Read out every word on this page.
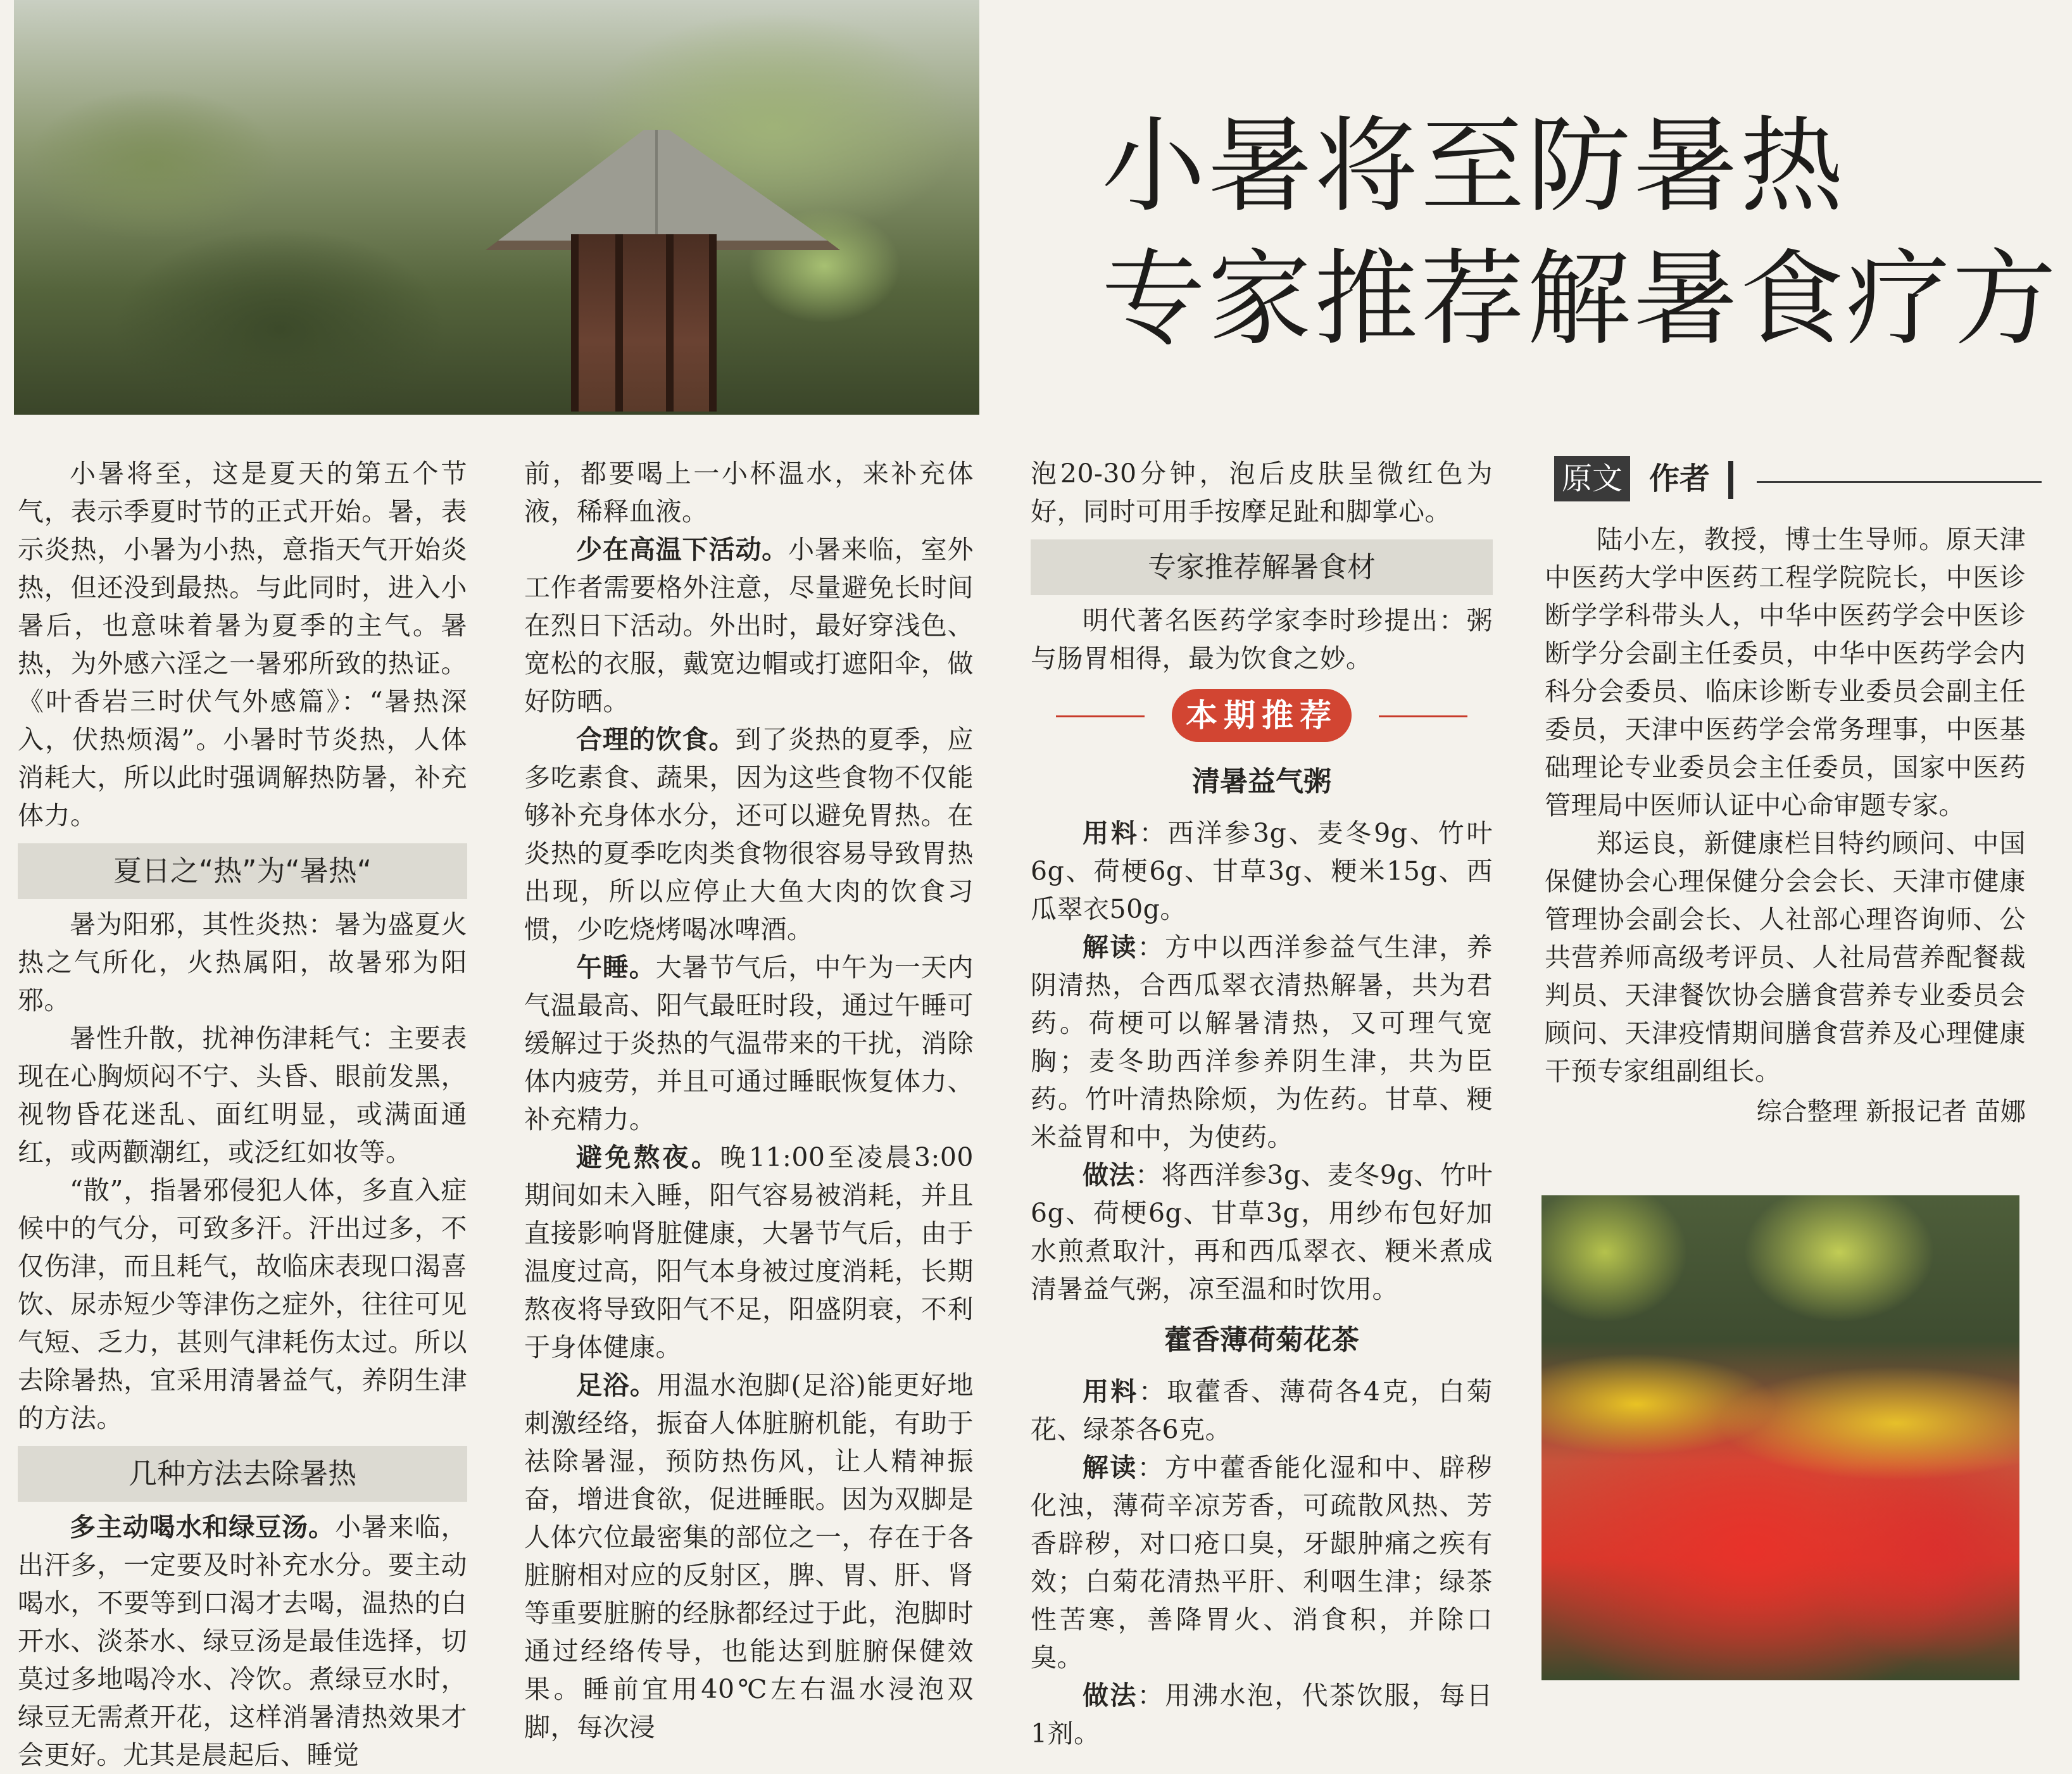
小暑将至防暑热
专家推荐解暑食疗方

小暑将至，这是夏天的第五个节气，表示季夏时节的正式开始。暑，表示炎热，小暑为小热，意指天气开始炎热，但还没到最热。与此同时，进入小暑后，也意味着暑为夏季的主气。暑热，为外感六淫之一暑邪所致的热证。《叶香岩三时伏气外感篇》：“暑热深入，伏热烦渴”。小暑时节炎热，人体消耗大，所以此时强调解热防暑，补充体力。

夏日之“热”为“暑热“

暑为阳邪，其性炎热：暑为盛夏火热之气所化，火热属阳，故暑邪为阳邪。

暑性升散，扰神伤津耗气：主要表现在心胸烦闷不宁、头昏、眼前发黑，视物昏花迷乱、面红明显，或满面通红，或两颧潮红，或泛红如妆等。

“散”，指暑邪侵犯人体，多直入症候中的气分，可致多汗。汗出过多，不仅伤津，而且耗气，故临床表现口渴喜饮、尿赤短少等津伤之症外，往往可见气短、乏力，甚则气津耗伤太过。所以去除暑热，宜采用清暑益气，养阴生津的方法。

几种方法去除暑热

多主动喝水和绿豆汤。小暑来临，出汗多，一定要及时补充水分。要主动喝水，不要等到口渴才去喝，温热的白开水、淡茶水、绿豆汤是最佳选择，切莫过多地喝冷水、冷饮。煮绿豆水时，绿豆无需煮开花，这样消暑清热效果才会更好。尤其是晨起后、睡觉

前，都要喝上一小杯温水，来补充体液，稀释血液。

少在高温下活动。小暑来临，室外工作者需要格外注意，尽量避免长时间在烈日下活动。外出时，最好穿浅色、宽松的衣服，戴宽边帽或打遮阳伞，做好防晒。

合理的饮食。到了炎热的夏季，应多吃素食、蔬果，因为这些食物不仅能够补充身体水分，还可以避免胃热。在炎热的夏季吃肉类食物很容易导致胃热出现，所以应停止大鱼大肉的饮食习惯，少吃烧烤喝冰啤酒。

午睡。大暑节气后，中午为一天内气温最高、阳气最旺时段，通过午睡可缓解过于炎热的气温带来的干扰，消除体内疲劳，并且可通过睡眠恢复体力、补充精力。

避免熬夜。晚11:00至凌晨3:00期间如未入睡，阳气容易被消耗，并且直接影响肾脏健康，大暑节气后，由于温度过高，阳气本身被过度消耗，长期熬夜将导致阳气不足，阳盛阴衰，不利于身体健康。

足浴。用温水泡脚(足浴)能更好地刺激经络，振奋人体脏腑机能，有助于祛除暑湿，预防热伤风，让人精神振奋，增进食欲，促进睡眠。因为双脚是人体穴位最密集的部位之一，存在于各脏腑相对应的反射区，脾、胃、肝、肾等重要脏腑的经脉都经过于此，泡脚时通过经络传导，也能达到脏腑保健效果。睡前宜用40℃左右温水浸泡双脚，每次浸

泡20-30分钟，泡后皮肤呈微红色为好，同时可用手按摩足趾和脚掌心。

专家推荐解暑食材

明代著名医药学家李时珍提出：粥与肠胃相得，最为饮食之妙。

本期推荐
清暑益气粥

用料：西洋参3g、麦冬9g、竹叶6g、荷梗6g、甘草3g、粳米15g、西瓜翠衣50g。

解读：方中以西洋参益气生津，养阴清热，合西瓜翠衣清热解暑，共为君药。荷梗可以解暑清热，又可理气宽胸；麦冬助西洋参养阴生津，共为臣药。竹叶清热除烦，为佐药。甘草、粳米益胃和中，为使药。

做法：将西洋参3g、麦冬9g、竹叶6g、荷梗6g、甘草3g，用纱布包好加水煎煮取汁，再和西瓜翠衣、粳米煮成清暑益气粥，凉至温和时饮用。

藿香薄荷菊花茶

用料：取藿香、薄荷各4克，白菊花、绿茶各6克。

解读：方中藿香能化湿和中、辟秽化浊，薄荷辛凉芳香，可疏散风热、芳香辟秽，对口疮口臭，牙龈肿痛之疾有效；白菊花清热平肝、利咽生津；绿茶性苦寒，善降胃火、消食积，并除口臭。

做法：用沸水泡，代茶饮服，每日1剂。

原文 作者

陆小左，教授，博士生导师。原天津中医药大学中医药工程学院院长，中医诊断学学科带头人，中华中医药学会中医诊断学分会副主任委员，中华中医药学会内科分会委员、临床诊断专业委员会副主任委员，天津中医药学会常务理事，中医基础理论专业委员会主任委员，国家中医药管理局中医师认证中心命审题专家。

郑运良，新健康栏目特约顾问、中国保健协会心理保健分会会长、天津市健康管理协会副会长、人社部心理咨询师、公共营养师高级考评员、人社局营养配餐裁判员、天津餐饮协会膳食营养专业委员会顾问、天津疫情期间膳食营养及心理健康干预专家组副组长。

综合整理 新报记者 苗娜
